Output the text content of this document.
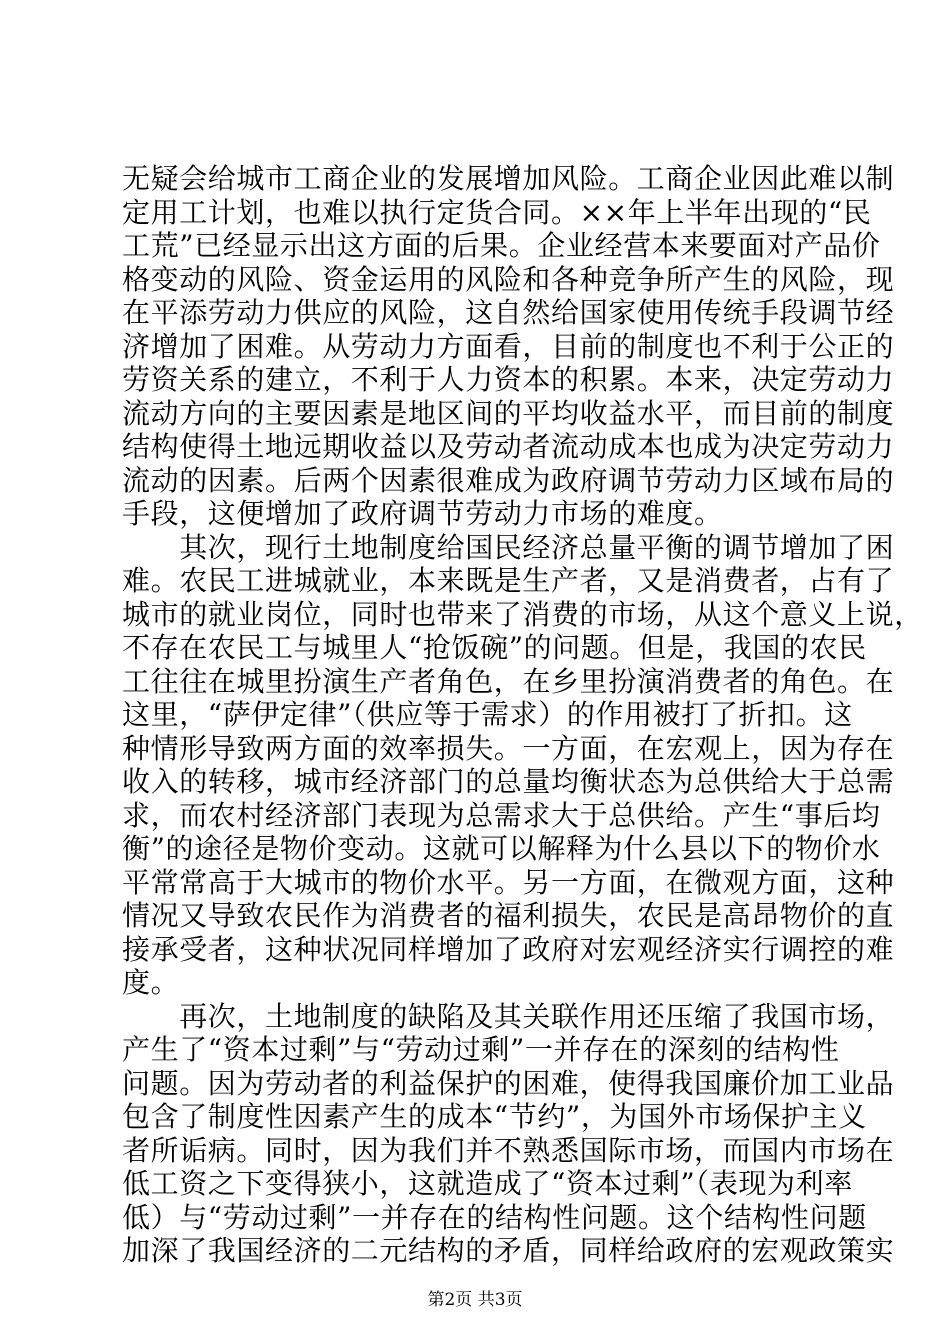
无疑会给城市工商企业的发展增加风险。工商企业因此难以制
定用工计划，也难以执行定货合同。××年上半年出现的“民
工荒”已经显示出这方面的后果。企业经营本来要面对产品价
格变动的风险、资金运用的风险和各种竞争所产生的风险，现
在平添劳动力供应的风险，这自然给国家使用传统手段调节经
济增加了困难。从劳动力方面看，目前的制度也不利于公正的
劳资关系的建立，不利于人力资本的积累。本来，决定劳动力
流动方向的主要因素是地区间的平均收益水平，而目前的制度
结构使得土地远期收益以及劳动者流动成本也成为决定劳动力
流动的因素。后两个因素很难成为政府调节劳动力区域布局的
手段，这便增加了政府调节劳动力市场的难度。
　　其次，现行土地制度给国民经济总量平衡的调节增加了困
难。农民工进城就业，本来既是生产者，又是消费者，占有了
城市的就业岗位，同时也带来了消费的市场，从这个意义上说，
不存在农民工与城里人“抢饭碗”的问题。但是，我国的农民
工往往在城里扮演生产者角色，在乡里扮演消费者的角色。在
这里，“萨伊定律”（供应等于需求）的作用被打了折扣。这
种情形导致两方面的效率损失。一方面，在宏观上，因为存在
收入的转移，城市经济部门的总量均衡状态为总供给大于总需
求，而农村经济部门表现为总需求大于总供给。产生“事后均
衡”的途径是物价变动。这就可以解释为什么县以下的物价水
平常常高于大城市的物价水平。另一方面，在微观方面，这种
情况又导致农民作为消费者的福利损失，农民是高昂物价的直
接承受者，这种状况同样增加了政府对宏观经济实行调控的难
度。
　　再次，土地制度的缺陷及其关联作用还压缩了我国市场，
产生了“资本过剩”与“劳动过剩”一并存在的深刻的结构性
问题。因为劳动者的利益保护的困难，使得我国廉价加工业品
包含了制度性因素产生的成本“节约”，为国外市场保护主义
者所诟病。同时，因为我们并不熟悉国际市场，而国内市场在
低工资之下变得狭小，这就造成了“资本过剩”（表现为利率
低）与“劳动过剩”一并存在的结构性问题。这个结构性问题
加深了我国经济的二元结构的矛盾，同样给政府的宏观政策实
第2页 共3页
